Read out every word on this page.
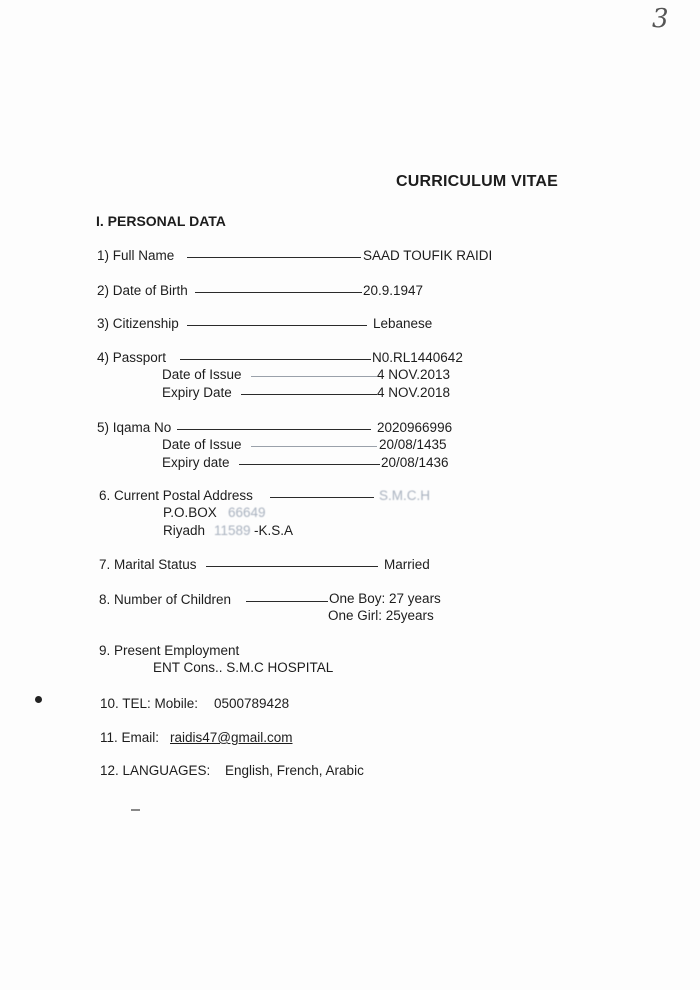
3
CURRICULUM VITAE
I. PERSONAL DATA
1) Full Name	SAAD TOUFIK RAIDI
2) Date of Birth	20.9.1947
3) Citizenship	Lebanese
4) Passport	N0.RL1440642
Date of Issue	4 NOV.2013
Expiry Date	4 NOV.2018
5) Iqama No	2020966996
Date of Issue	20/08/1435
Expiry date	20/08/1436
6. Current Postal Address	S.M.C.H
P.O.BOX 66649
Riyadh 11589 -K.S.A
7. Marital Status	Married
8. Number of Children	One Boy: 27 years
One Girl: 25years
9. Present Employment
ENT Cons.. S.M.C HOSPITAL
10. TEL: Mobile: 0500789428
11. Email: raidis47@gmail.com
12. LANGUAGES: English, French, Arabic
